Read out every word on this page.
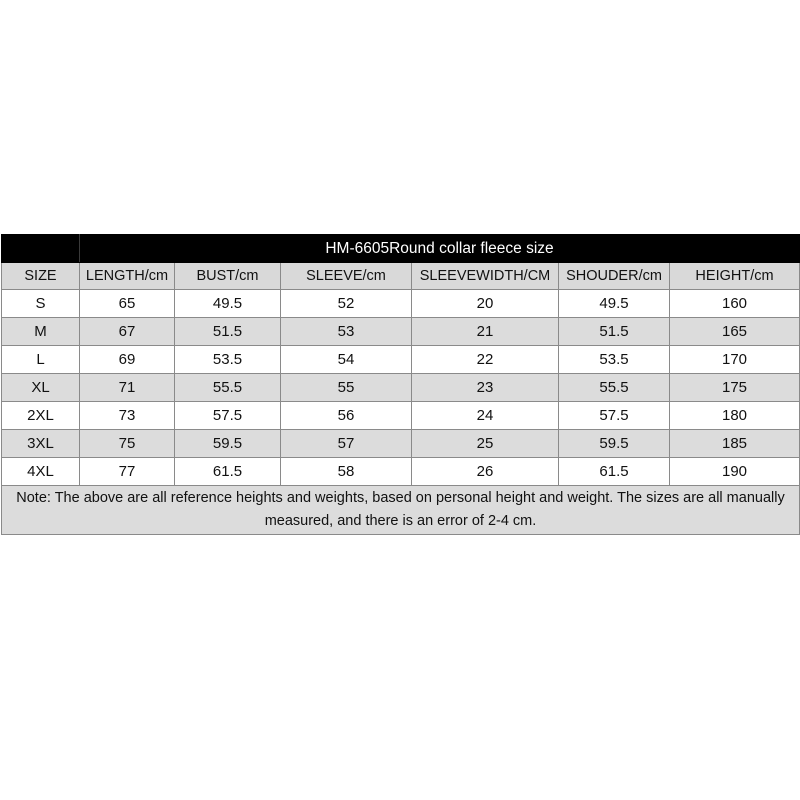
	HM-6605Round collar fleece size					
SIZE	LENGTH/cm	BUST/cm	SLEEVE/cm	SLEEVEWIDTH/CM	SHOUDER/cm	HEIGHT/cm
S	65	49.5	52	20	49.5	160
M	67	51.5	53	21	51.5	165
L	69	53.5	54	22	53.5	170
XL	71	55.5	55	23	55.5	175
2XL	73	57.5	56	24	57.5	180
3XL	75	59.5	57	25	59.5	185
4XL	77	61.5	58	26	61.5	190
Note: The above are all reference heights and weights, based on personal height and weight. The sizes are all manually measured, and there is an error of 2-4 cm.						
